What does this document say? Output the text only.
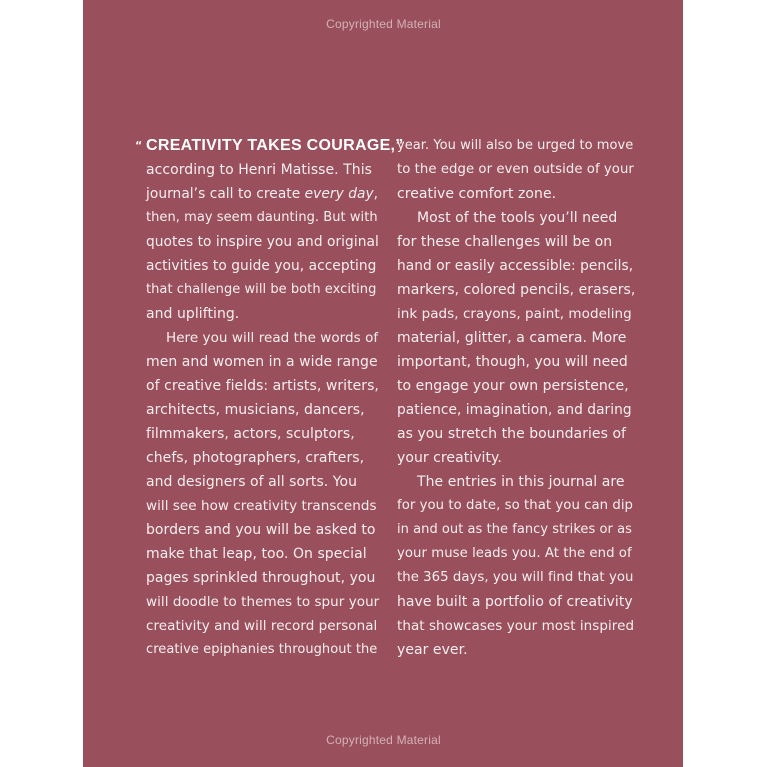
Copyrighted Material
Copyrighted Material
“ CREATIVITY TAKES COURAGE,”
according to Henri Matisse. This
journal’s call to create every day,
then, may seem daunting. But with
quotes to inspire you and original
activities to guide you, accepting
that challenge will be both exciting
and uplifting.
Here you will read the words of
men and women in a wide range
of creative fields: artists, writers,
architects, musicians, dancers,
filmmakers, actors, sculptors,
chefs, photographers, crafters,
and designers of all sorts. You
will see how creativity transcends
borders and you will be asked to
make that leap, too. On special
pages sprinkled throughout, you
will doodle to themes to spur your
creativity and will record personal
creative epiphanies throughout the
year. You will also be urged to move
to the edge or even outside of your
creative comfort zone.
Most of the tools you’ll need
for these challenges will be on
hand or easily accessible: pencils,
markers, colored pencils, erasers,
ink pads, crayons, paint, modeling
material, glitter, a camera. More
important, though, you will need
to engage your own persistence,
patience, imagination, and daring
as you stretch the boundaries of
your creativity.
The entries in this journal are
for you to date, so that you can dip
in and out as the fancy strikes or as
your muse leads you. At the end of
the 365 days, you will find that you
have built a portfolio of creativity
that showcases your most inspired
year ever.
